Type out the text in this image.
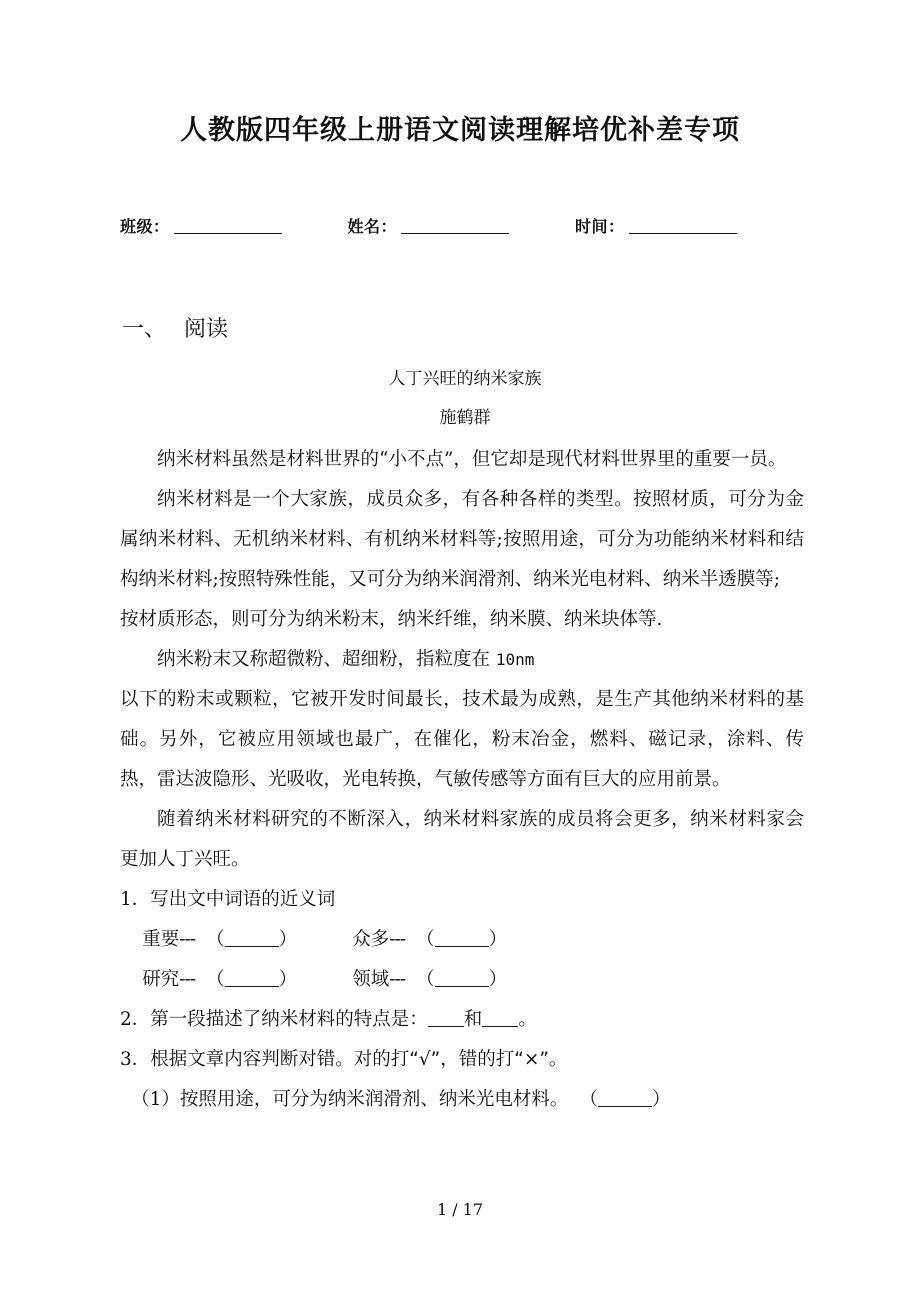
人教版四年级上册语文阅读理解培优补差专项
班级：	姓名：	时间：
一、 阅读
人丁兴旺的纳米家族
施鹤群

纳米材料虽然是材料世界的“小不点”，但它却是现代材料世界里的重要一员。

纳米材料是一个大家族，成员众多，有各种各样的类型。按照材质，可分为金属纳米材料、无机纳米材料、有机纳米材料等;按照用途，可分为功能纳米材料和结构纳米材料;按照特殊性能，又可分为纳米润滑剂、纳米光电材料、纳米半透膜等;

按材质形态，则可分为纳米粉末，纳米纤维，纳米膜、纳米块体等.

纳米粉末又称超微粉、超细粉，指粒度在 10nm

以下的粉末或颗粒，它被开发时间最长，技术最为成熟，是生产其他纳米材料的基础。另外，它被应用领域也最广，在催化，粉末冶金，燃料、磁记录，涂料、传热，雷达波隐形、光吸收，光电转换，气敏传感等方面有巨大的应用前景。

随着纳米材料研究的不断深入，纳米材料家族的成员将会更多，纳米材料家会更加人丁兴旺。

1．写出文中词语的近义词

重要--- （	）	众多--- （	）

研究--- （	）	领域--- （	）

2．第一段描述了纳米材料的特点是： 和 。

3．根据文章内容判断对错。对的打“√”，错的打“×”。

（1）按照用途，可分为纳米润滑剂、纳米光电材料。 （	）

1 / 17
